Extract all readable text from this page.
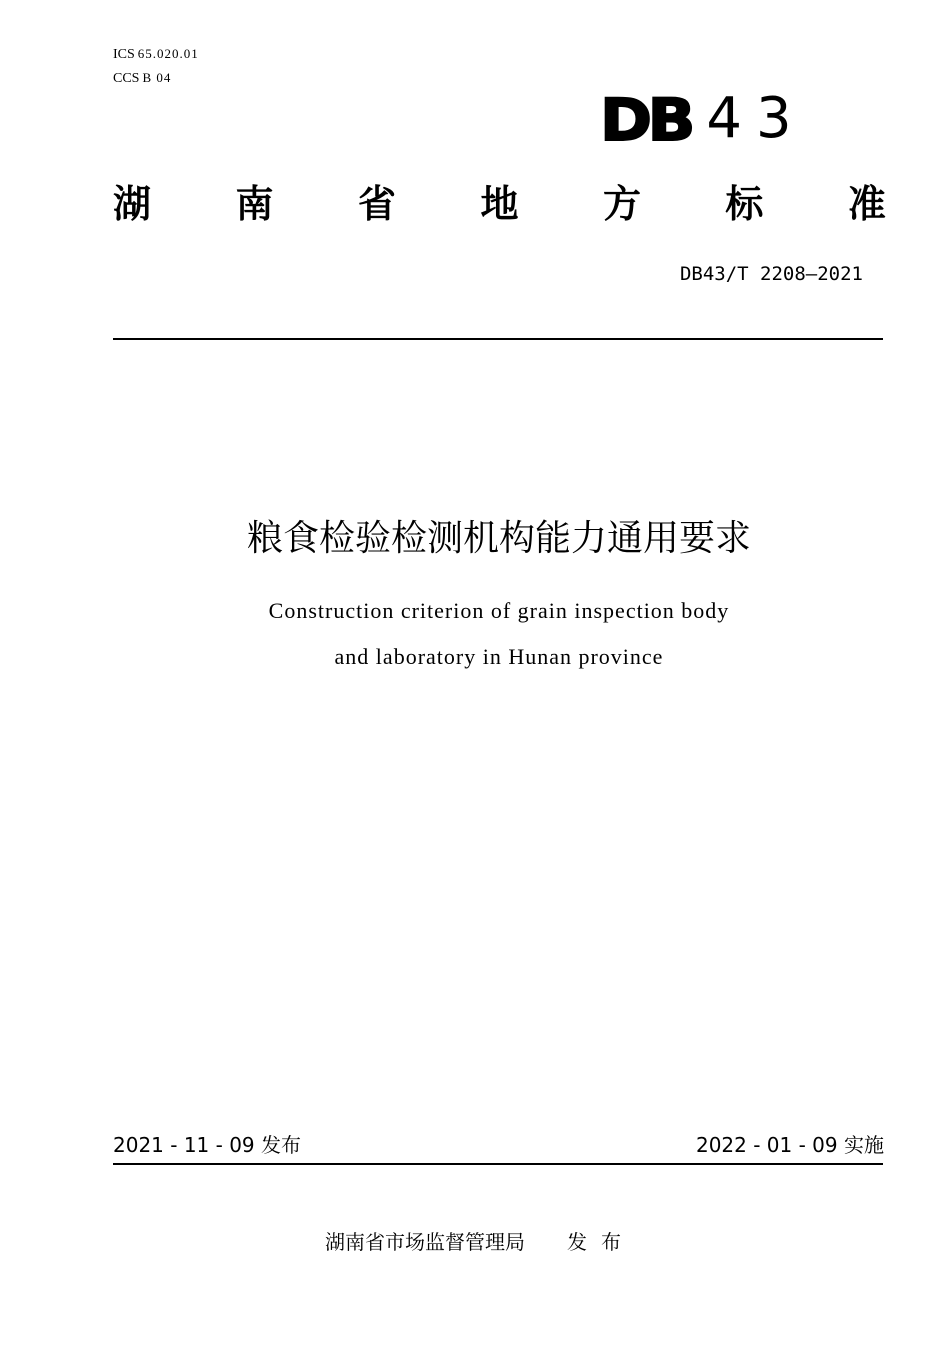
ICS 65.020.01
CCS B 04
DB 43
湖 南 省 地 方 标 准
DB43/T 2208—2021
粮食检验检测机构能力通用要求
Construction criterion of grain inspection body
and laboratory in Hunan province
2021 - 11 - 09 发布	2022 - 01 - 09 实施
湖南省市场监督管理局 发布
